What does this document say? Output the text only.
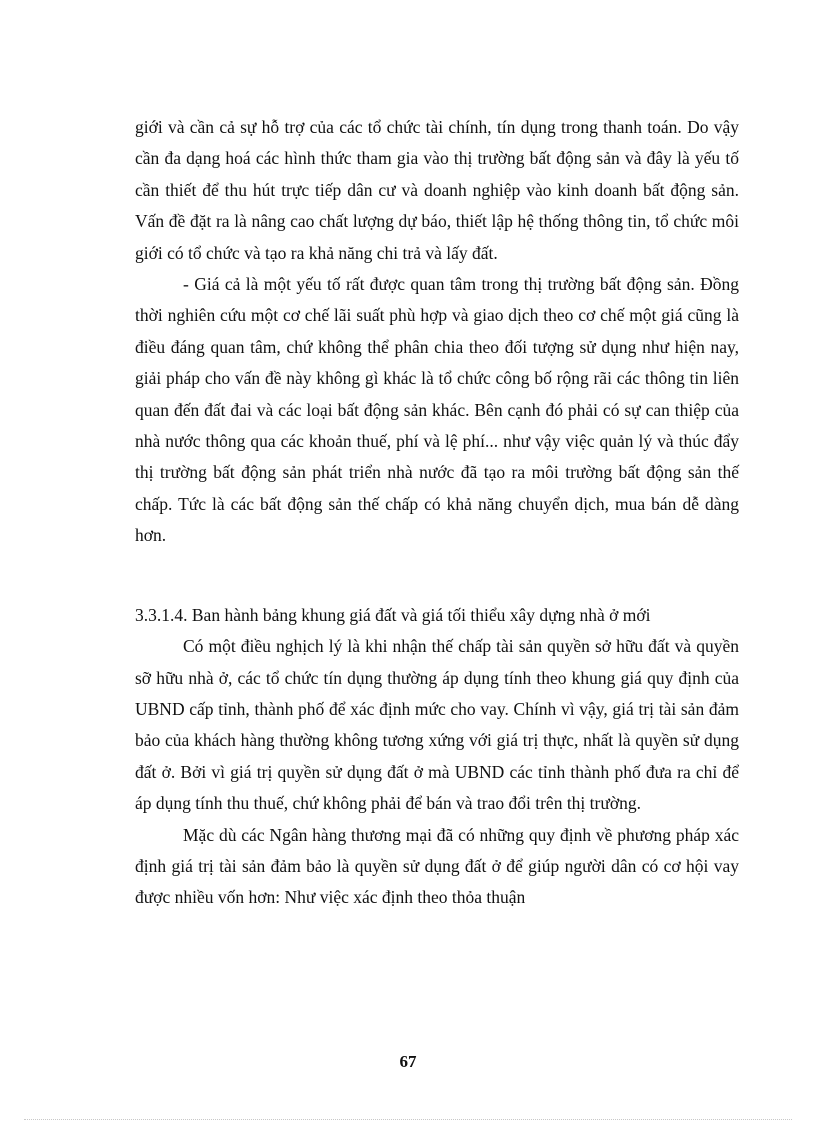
giới và cần cả sự hỗ trợ của các tổ chức tài chính, tín dụng trong thanh toán. Do vậy cần đa dạng hoá các hình thức tham gia vào thị trường bất động sản và đây là yếu tố cần thiết để thu hút trực tiếp dân cư và doanh nghiệp vào kinh doanh bất động sản. Vấn đề đặt ra là nâng cao chất lượng dự báo, thiết lập hệ thống thông tin, tổ chức môi giới có tổ chức và tạo ra khả năng chi trả và lấy đất.

- Giá cả là một yếu tố rất được quan tâm trong thị trường bất động sản. Đồng thời nghiên cứu một cơ chế lãi suất phù hợp và giao dịch theo cơ chế một giá cũng là điều đáng quan tâm, chứ không thể phân chia theo đối tượng sử dụng như hiện nay, giải pháp cho vấn đề này không gì khác là tổ chức công bố rộng rãi các thông tin liên quan đến đất đai và các loại bất động sản khác. Bên cạnh đó phải có sự can thiệp của nhà nước thông qua các khoản thuế, phí và lệ phí... như vậy việc quản lý và thúc đẩy thị trường bất động sản phát triển nhà nước đã tạo ra môi trường bất động sản thế chấp. Tức là các bất động sản thế chấp có khả năng chuyển dịch, mua bán dễ dàng hơn.

3.3.1.4. Ban hành bảng khung giá đất và giá tối thiểu xây dựng nhà ở mới

Có một điều nghịch lý là khi nhận thế chấp tài sản quyền sở hữu đất và quyền sỡ hữu nhà ở, các tổ chức tín dụng thường áp dụng tính theo khung giá quy định của UBND cấp tỉnh, thành phố để xác định mức cho vay. Chính vì vậy, giá trị tài sản đảm bảo của khách hàng thường không tương xứng với giá trị thực, nhất là quyền sử dụng đất ở. Bởi vì giá trị quyền sử dụng đất ở mà UBND các tỉnh thành phố đưa ra chỉ để áp dụng tính thu thuế, chứ không phải để bán và trao đổi trên thị trường.

Mặc dù các Ngân hàng thương mại đã có những quy định về phương pháp xác định giá trị tài sản đảm bảo là quyền sử dụng đất ở để giúp người dân có cơ hội vay được nhiều vốn hơn: Như việc xác định theo thỏa thuận

67
